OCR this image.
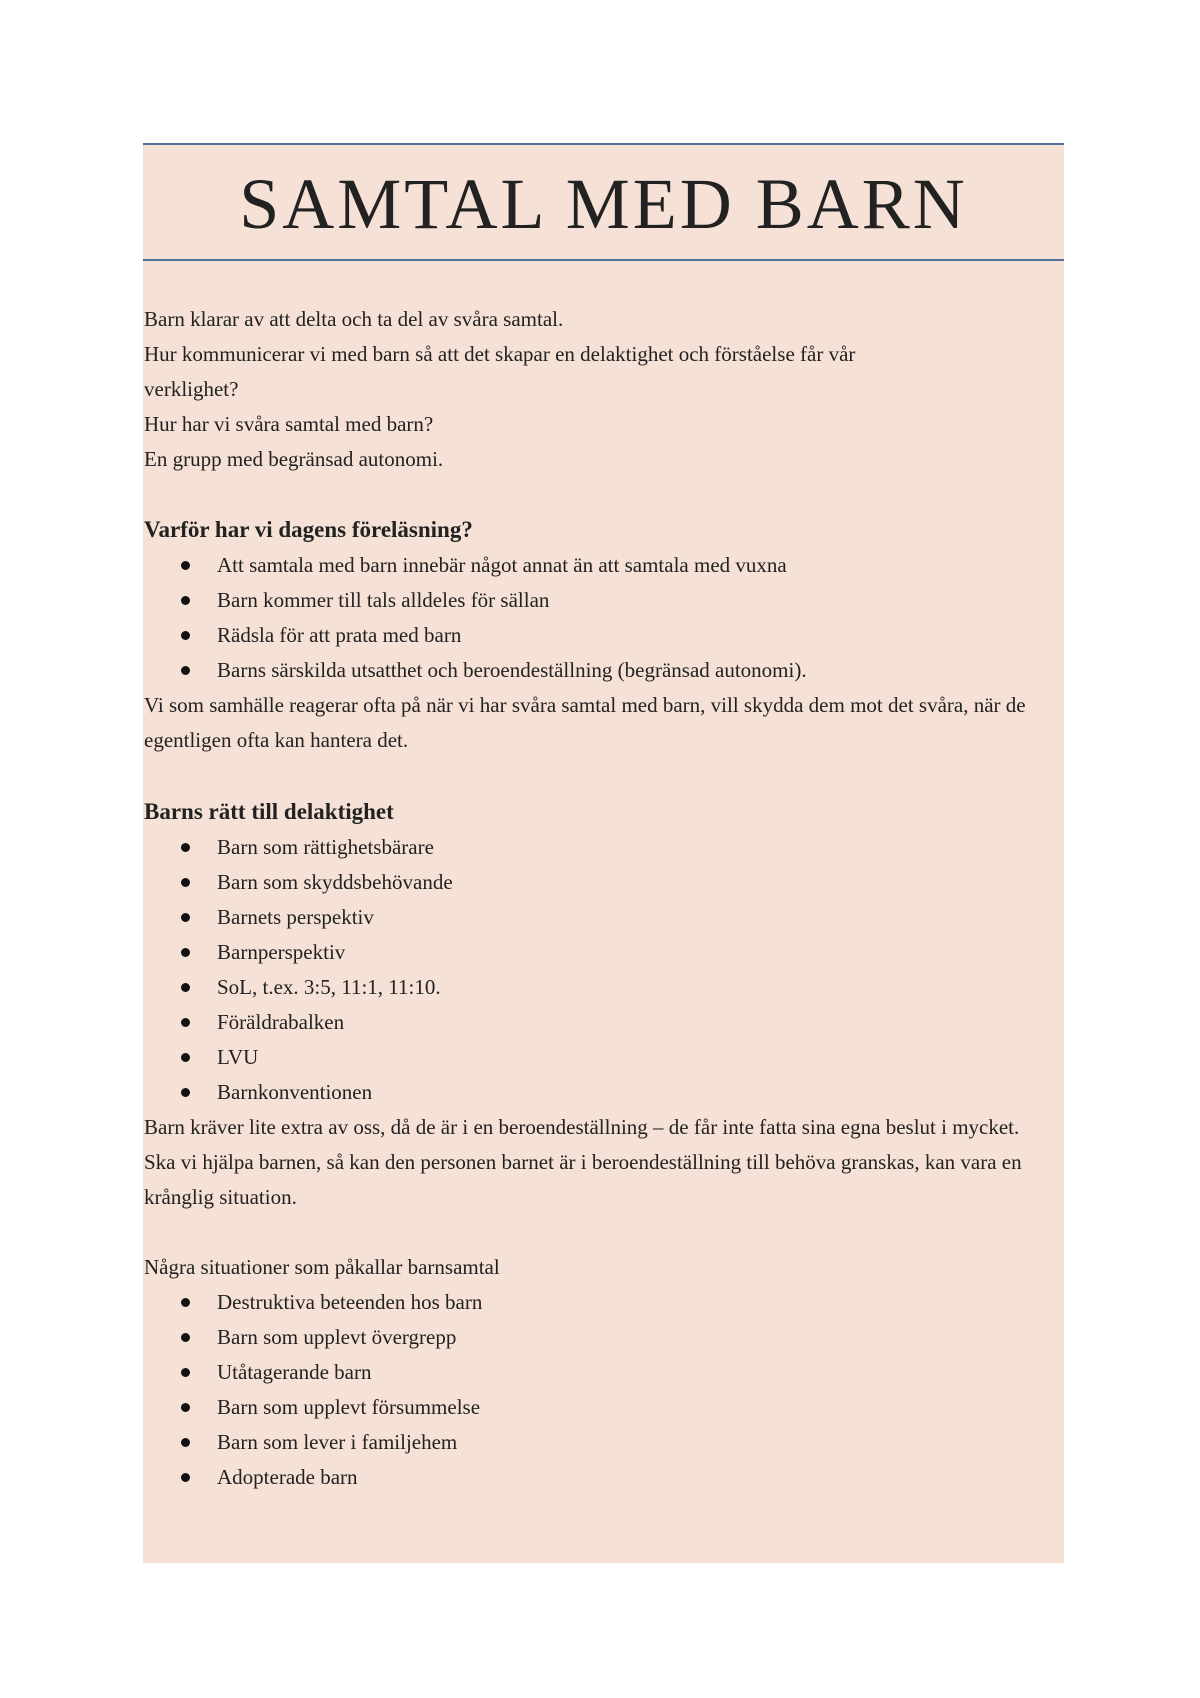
SAMTAL MED BARN

Barn klarar av att delta och ta del av svåra samtal.

Hur kommunicerar vi med barn så att det skapar en delaktighet och förståelse får vår verklighet?

Hur har vi svåra samtal med barn?

En grupp med begränsad autonomi.

Varför har vi dagens föreläsning?
Att samtala med barn innebär något annat än att samtala med vuxna
Barn kommer till tals alldeles för sällan
Rädsla för att prata med barn
Barns särskilda utsatthet och beroendeställning (begränsad autonomi).

Vi som samhälle reagerar ofta på när vi har svåra samtal med barn, vill skydda dem mot det svåra, när de egentligen ofta kan hantera det.

Barns rätt till delaktighet
Barn som rättighetsbärare
Barn som skyddsbehövande
Barnets perspektiv
Barnperspektiv
SoL, t.ex. 3:5, 11:1, 11:10.
Föräldrabalken
LVU
Barnkonventionen

Barn kräver lite extra av oss, då de är i en beroendeställning – de får inte fatta sina egna beslut i mycket.

Ska vi hjälpa barnen, så kan den personen barnet är i beroendeställning till behöva granskas, kan vara en krånglig situation.

Några situationer som påkallar barnsamtal

Destruktiva beteenden hos barn
Barn som upplevt övergrepp
Utåtagerande barn
Barn som upplevt försummelse
Barn som lever i familjehem
Adopterade barn
